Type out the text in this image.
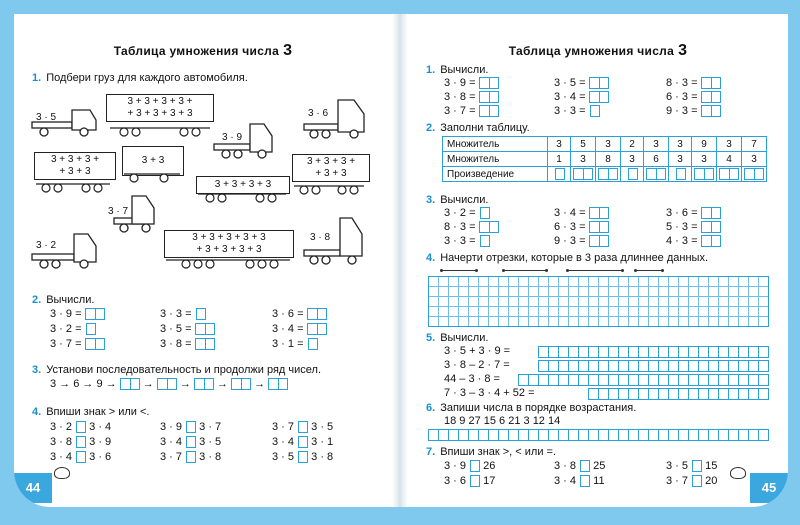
Таблица умножения числа 3
1. Подбери груз для каждого автомобиля.
3 + 3 + 3 + 3 +
+ 3 + 3 + 3 + 3
3 + 3 + 3 +
+ 3 + 3
3 + 3
3 + 3 + 3 + 3
3 + 3 + 3 +
+ 3 + 3
3 + 3 + 3 + 3 + 3
+ 3 + 3 + 3 + 3
3 · 5	3 · 6
3 · 9
3 · 7
3 · 2
3 · 8
2. Вычисли.
3 · 9 =	3 · 3 =	3 · 6 =
3 · 2 =	3 · 5 =	3 · 4 =
3 · 7 =	3 · 8 =	3 · 1 =
3. Установи последовательность и продолжи ряд чисел.
3 → 6 → 9 → → → → →
4. Впиши знак > или <.
3 · 2 3 · 4	3 · 9 3 · 7	3 · 7 3 · 5
3 · 8 3 · 9	3 · 4 3 · 5	3 · 4 3 · 1
3 · 4 3 · 6	3 · 7 3 · 8	3 · 5 3 · 8
44
Таблица умножения числа 3
1. Вычисли.
3 · 9 =	3 · 5 =	8 · 3 =
3 · 8 =	3 · 4 =	6 · 3 =
3 · 7 =	3 · 3 =	9 · 3 =
2. Заполни таблицу.
Множитель	3	5	3	2	3	3	9	3	7
Множитель	1	3	8	3	6	3	3	4	3
Произведение									
3. Вычисли.
3 · 2 =	3 · 4 =	3 · 6 =
8 · 3 =	6 · 3 =	5 · 3 =
3 · 3 =	9 · 3 =	4 · 3 =
4. Начерти отрезки, которые в 3 раза длиннее данных.
5. Вычисли.
3 · 5 + 3 · 9 =
3 · 8 – 2 · 7 =
44 – 3 · 8 =
7 · 3 – 3 · 4 + 52 =
6. Запиши числа в порядке возрастания.
18 9 27 15 6 21 3 12 14
7. Впиши знак >, < или =.
3 · 9 26	3 · 8 25	3 · 5 15
3 · 6 17	3 · 4 11	3 · 7 20	45
